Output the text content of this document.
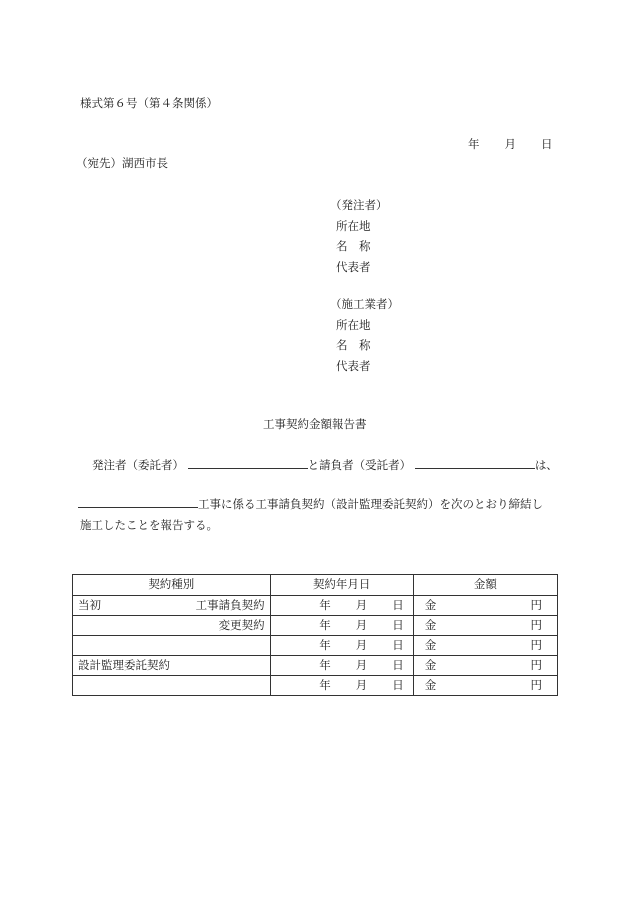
様式第６号（第４条関係）
年 月 日
（宛先）湖西市長
（発注者）
所在地
名　称
代表者
（施工業者）
所在地
名　称
代表者
工事契約金額報告書
発注者（委託者）	と請負者（受託者）	は、
工事に係る工事請負契約（設計監理委託契約）を次のとおり締結し
施工したことを報告する。
契約種別	契約年月日	金額

当初 工事請負契約	年 月 日	金 円

変更契約	年 月 日	金 円

	年 月 日	金 円

設計監理委託契約	年 月 日	金 円

	年 月 日	金 円
